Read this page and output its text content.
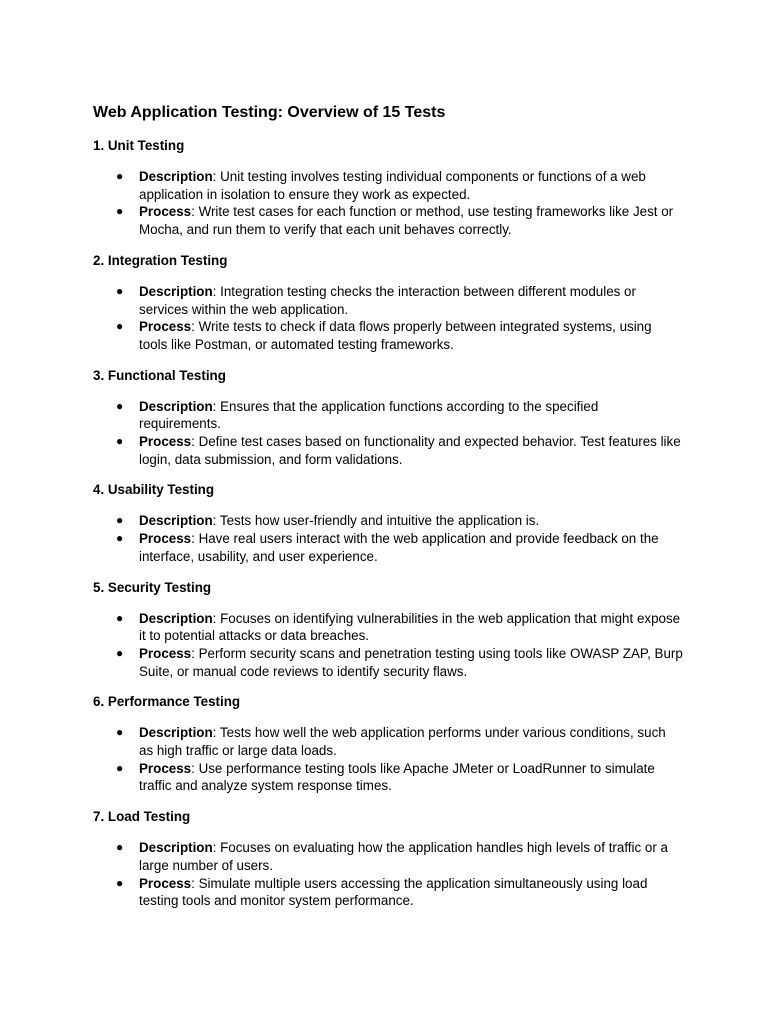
Web Application Testing: Overview of 15 Tests
1. Unit Testing
● Description: Unit testing involves testing individual components or functions of a web application in isolation to ensure they work as expected.
● Process: Write test cases for each function or method, use testing frameworks like Jest or Mocha, and run them to verify that each unit behaves correctly.
2. Integration Testing
● Description: Integration testing checks the interaction between different modules or services within the web application.
● Process: Write tests to check if data flows properly between integrated systems, using tools like Postman, or automated testing frameworks.
3. Functional Testing
● Description: Ensures that the application functions according to the specified requirements.
● Process: Define test cases based on functionality and expected behavior. Test features like login, data submission, and form validations.
4. Usability Testing
● Description: Tests how user-friendly and intuitive the application is.
● Process: Have real users interact with the web application and provide feedback on the interface, usability, and user experience.
5. Security Testing
● Description: Focuses on identifying vulnerabilities in the web application that might expose it to potential attacks or data breaches.
● Process: Perform security scans and penetration testing using tools like OWASP ZAP, Burp Suite, or manual code reviews to identify security flaws.
6. Performance Testing
● Description: Tests how well the web application performs under various conditions, such as high traffic or large data loads.
● Process: Use performance testing tools like Apache JMeter or LoadRunner to simulate traffic and analyze system response times.
7. Load Testing
● Description: Focuses on evaluating how the application handles high levels of traffic or a large number of users.
● Process: Simulate multiple users accessing the application simultaneously using load testing tools and monitor system performance.
